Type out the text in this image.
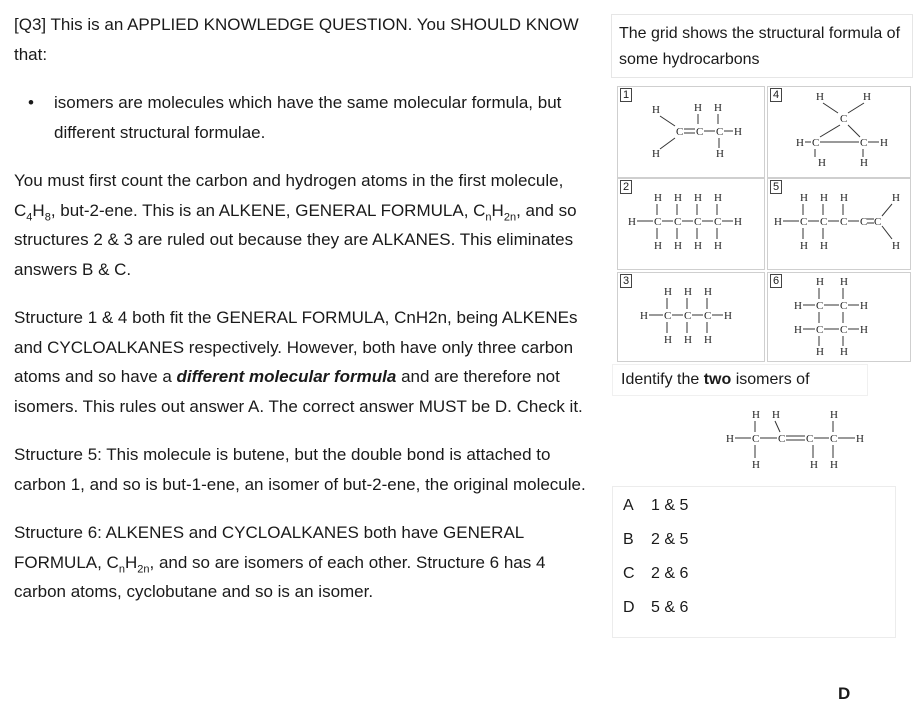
[Q3] This is an APPLIED KNOWLEDGE QUESTION. You SHOULD KNOW that:

•	isomers are molecules which have the same molecular formula, but different structural formulae.

You must first count the carbon and hydrogen atoms in the first molecule, $C_4H_8$, but-2-ene. This is an ALKENE, GENERAL FORMULA, $C_nH_{2n}$, and so structures 2 & 3 are ruled out because they are ALKANES. This eliminates answers B & C.

Structure 1 & 4 both fit the GENERAL FORMULA, CnH2n, being ALKENEs and CYCLOALKANES respectively. However, both have only three carbon atoms and so have a different molecular formula and are therefore not isomers. This rules out answer A. The correct answer MUST be D. Check it.

Structure 5: This molecule is butene, but the double bond is attached to carbon 1, and so is but-1-ene, an isomer of but-2-ene, the original molecule.

Structure 6: ALKENES and CYCLOALKANES both have GENERAL FORMULA, $C_nH_{2n}$, and so are isomers of each other. Structure 6 has 4 carbon atoms, cyclobutane and so is an isomer.

The grid shows the structural formula of some hydrocarbons
1
H	H H
C C C H
H	H
4	H	H
C
H C	C H
H	H
2
H H H H
H C C C C H
H H H H
5
H H H	H
H C C C C C
H H	H
3
H H H
H C C C H
H H H
6	H H
H C C H
H C C H
H H
Identify the two isomers of
H H	H
H C C C C H
H	H H
A	1 & 5
B	2 & 5
C	2 & 6
D	5 & 6
D
